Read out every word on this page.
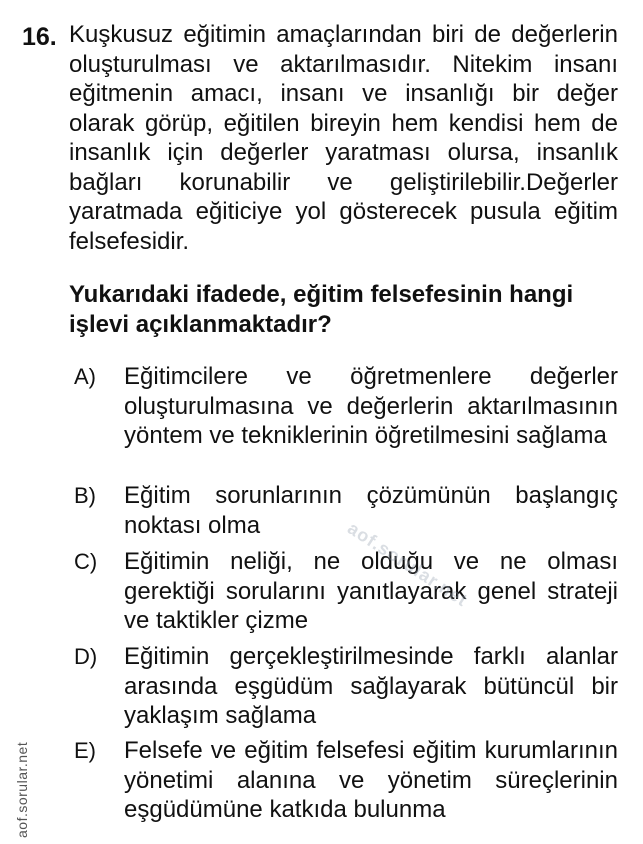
16. Kuşkusuz eğitimin amaçlarından biri de değerlerin oluşturulması ve aktarılmasıdır. Nitekim insanı eğitmenin amacı, insanı ve insanlığı bir değer olarak görüp, eğitilen bireyin hem kendisi hem de insanlık için değerler yaratması olursa, insanlık bağları korunabilir ve geliştirilebilir.Değerler yaratmada eğiticiye yol gösterecek pusula eğitim felsefesidir.

Yukarıdaki ifadede, eğitim felsefesinin hangi işlevi açıklanmaktadır?

A) Eğitimcilere ve öğretmenlere değerler oluşturulmasına ve değerlerin aktarılmasının yöntem ve tekniklerinin öğretilmesini sağlama

B) Eğitim sorunlarının çözümünün başlangıç noktası olma

C) Eğitimin neliği, ne olduğu ve ne olması gerektiği sorularını yanıtlayarak genel strateji ve taktikler çizme

D) Eğitimin gerçekleştirilmesinde farklı alanlar arasında eşgüdüm sağlayarak bütüncül bir yaklaşım sağlama

E) Felsefe ve eğitim felsefesi eğitim kurumlarının yönetimi alanına ve yönetim süreçlerinin eşgüdümüne katkıda bulunma

aof.sorular.net
aof.sorular.net
